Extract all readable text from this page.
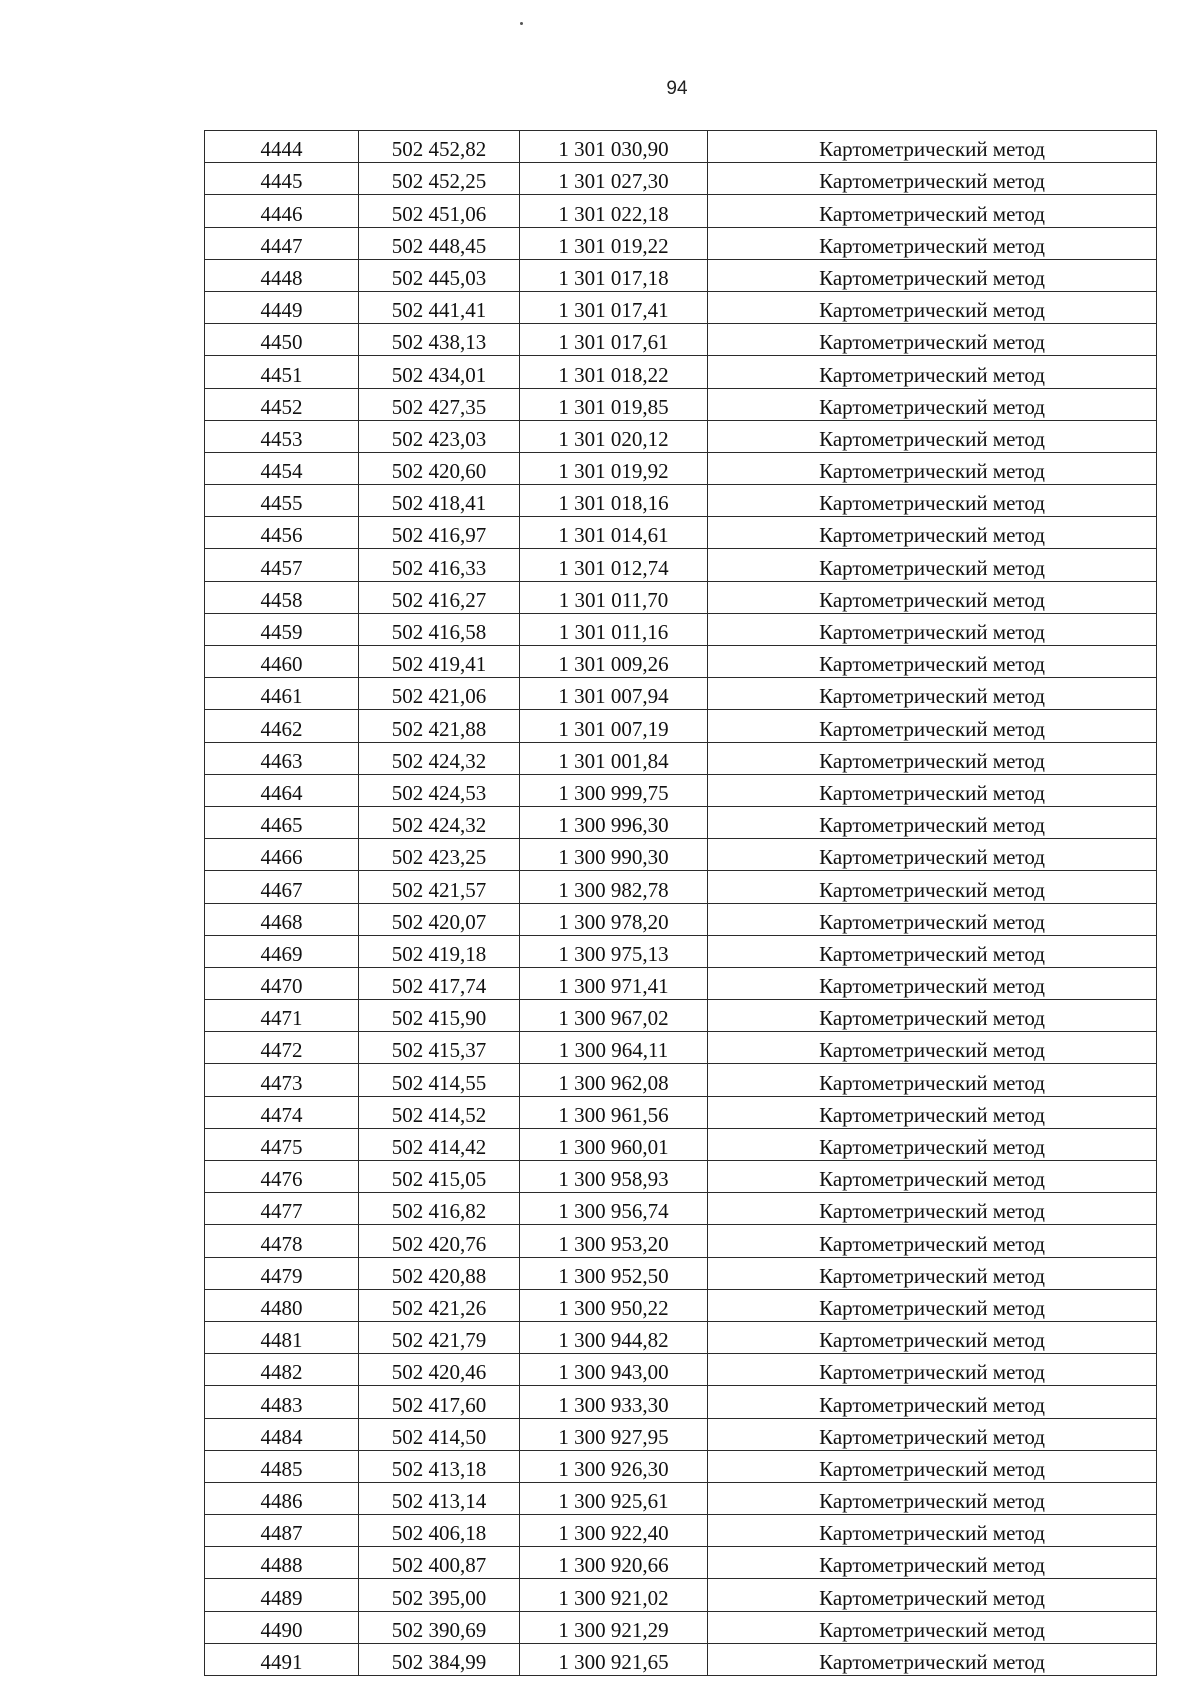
94
4444	502 452,82	1 301 030,90	Картометрический метод
4445	502 452,25	1 301 027,30	Картометрический метод
4446	502 451,06	1 301 022,18	Картометрический метод
4447	502 448,45	1 301 019,22	Картометрический метод
4448	502 445,03	1 301 017,18	Картометрический метод
4449	502 441,41	1 301 017,41	Картометрический метод
4450	502 438,13	1 301 017,61	Картометрический метод
4451	502 434,01	1 301 018,22	Картометрический метод
4452	502 427,35	1 301 019,85	Картометрический метод
4453	502 423,03	1 301 020,12	Картометрический метод
4454	502 420,60	1 301 019,92	Картометрический метод
4455	502 418,41	1 301 018,16	Картометрический метод
4456	502 416,97	1 301 014,61	Картометрический метод
4457	502 416,33	1 301 012,74	Картометрический метод
4458	502 416,27	1 301 011,70	Картометрический метод
4459	502 416,58	1 301 011,16	Картометрический метод
4460	502 419,41	1 301 009,26	Картометрический метод
4461	502 421,06	1 301 007,94	Картометрический метод
4462	502 421,88	1 301 007,19	Картометрический метод
4463	502 424,32	1 301 001,84	Картометрический метод
4464	502 424,53	1 300 999,75	Картометрический метод
4465	502 424,32	1 300 996,30	Картометрический метод
4466	502 423,25	1 300 990,30	Картометрический метод
4467	502 421,57	1 300 982,78	Картометрический метод
4468	502 420,07	1 300 978,20	Картометрический метод
4469	502 419,18	1 300 975,13	Картометрический метод
4470	502 417,74	1 300 971,41	Картометрический метод
4471	502 415,90	1 300 967,02	Картометрический метод
4472	502 415,37	1 300 964,11	Картометрический метод
4473	502 414,55	1 300 962,08	Картометрический метод
4474	502 414,52	1 300 961,56	Картометрический метод
4475	502 414,42	1 300 960,01	Картометрический метод
4476	502 415,05	1 300 958,93	Картометрический метод
4477	502 416,82	1 300 956,74	Картометрический метод
4478	502 420,76	1 300 953,20	Картометрический метод
4479	502 420,88	1 300 952,50	Картометрический метод
4480	502 421,26	1 300 950,22	Картометрический метод
4481	502 421,79	1 300 944,82	Картометрический метод
4482	502 420,46	1 300 943,00	Картометрический метод
4483	502 417,60	1 300 933,30	Картометрический метод
4484	502 414,50	1 300 927,95	Картометрический метод
4485	502 413,18	1 300 926,30	Картометрический метод
4486	502 413,14	1 300 925,61	Картометрический метод
4487	502 406,18	1 300 922,40	Картометрический метод
4488	502 400,87	1 300 920,66	Картометрический метод
4489	502 395,00	1 300 921,02	Картометрический метод
4490	502 390,69	1 300 921,29	Картометрический метод
4491	502 384,99	1 300 921,65	Картометрический метод
